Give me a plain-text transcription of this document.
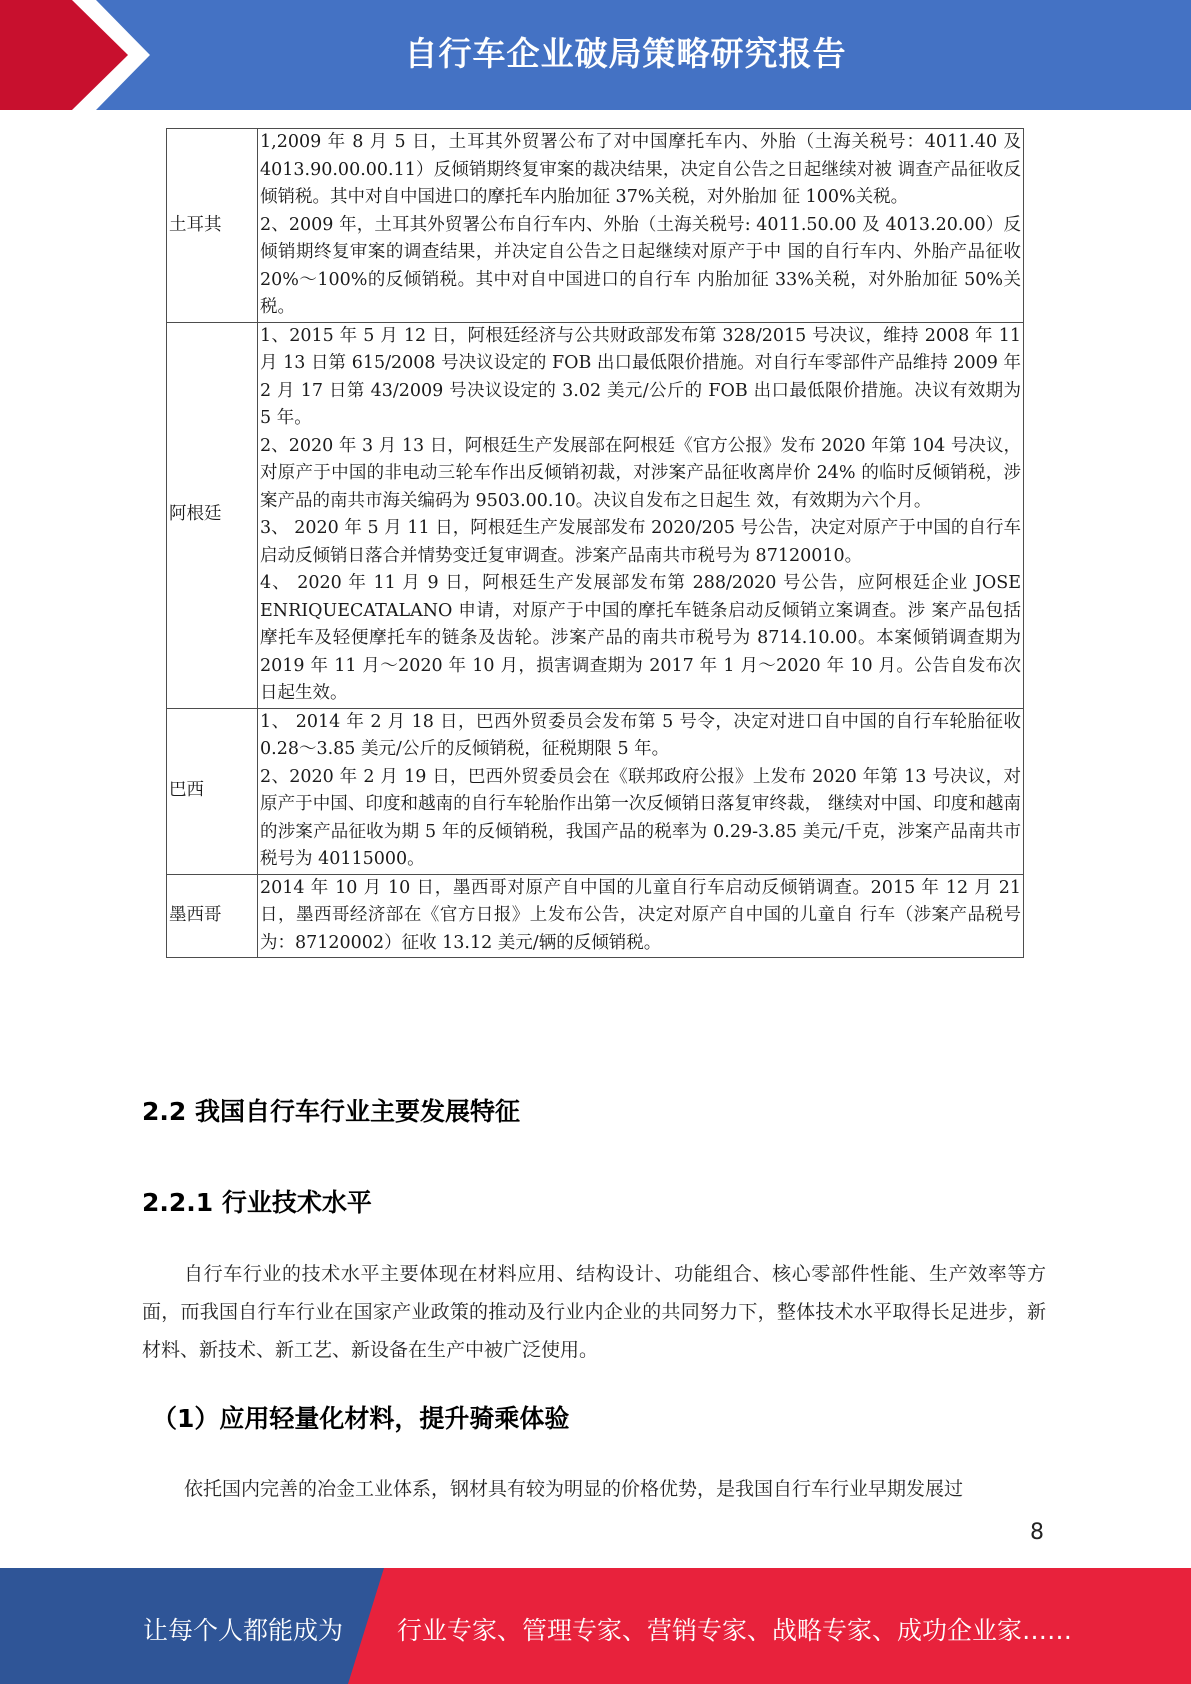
自行车企业破局策略研究报告
土耳其	1,2009 年 8 月 5 日，土耳其外贸署公布了对中国摩托车内、外胎（土海关税号：4011.40 及 4013.90.00.00.11）反倾销期终复审案的裁决结果，决定自公告之日起继续对被 调查产品征收反倾销税。其中对自中国进口的摩托车内胎加征 37%关税，对外胎加 征 100%关税。

2、2009 年，土耳其外贸署公布自行车内、外胎（土海关税号: 4011.50.00 及 4013.20.00）反倾销期终复审案的调查结果，并决定自公告之日起继续对原产于中 国的自行车内、外胎产品征收 20%～100%的反倾销税。其中对自中国进口的自行车 内胎加征 33%关税，对外胎加征 50%关税。

阿根廷	1、2015 年 5 月 12 日，阿根廷经济与公共财政部发布第 328/2015 号决议，维持 2008 年 11 月 13 日第 615/2008 号决议设定的 FOB 出口最低限价措施。对自行车零部件产品维持 2009 年 2 月 17 日第 43/2009 号决议设定的 3.02 美元/公斤的 FOB 出口最低限价措施。决议有效期为 5 年。

2、2020 年 3 月 13 日，阿根廷生产发展部在阿根廷《官方公报》发布 2020 年第 104 号决议，对原产于中国的非电动三轮车作出反倾销初裁，对涉案产品征收离岸价 24% 的临时反倾销税，涉案产品的南共市海关编码为 9503.00.10。决议自发布之日起生 效，有效期为六个月。

3、 2020 年 5 月 11 日，阿根廷生产发展部发布 2020/205 号公告，决定对原产于中国的自行车启动反倾销日落合并情势变迁复审调查。涉案产品南共市税号为 87120010。

4、 2020 年 11 月 9 日，阿根廷生产发展部发布第 288/2020 号公告，应阿根廷企业 JOSE ENRIQUECATALANO 申请，对原产于中国的摩托车链条启动反倾销立案调查。涉 案产品包括摩托车及轻便摩托车的链条及齿轮。涉案产品的南共市税号为 8714.10.00。本案倾销调查期为2019 年 11 月～2020 年 10 月，损害调查期为 2017 年 1 月～2020 年 10 月。公告自发布次日起生效。

巴西	1、 2014 年 2 月 18 日，巴西外贸委员会发布第 5 号令，决定对进口自中国的自行车轮胎征收 0.28～3.85 美元/公斤的反倾销税，征税期限 5 年。

2、2020 年 2 月 19 日，巴西外贸委员会在《联邦政府公报》上发布 2020 年第 13 号决议，对原产于中国、印度和越南的自行车轮胎作出第一次反倾销日落复审终裁， 继续对中国、印度和越南的涉案产品征收为期 5 年的反倾销税，我国产品的税率为 0.29-3.85 美元/千克，涉案产品南共市税号为 40115000。

墨西哥	2014 年 10 月 10 日，墨西哥对原产自中国的儿童自行车启动反倾销调查。2015 年 12 月 21 日，墨西哥经济部在《官方日报》上发布公告，决定对原产自中国的儿童自 行车（涉案产品税号为：87120002）征收 13.12 美元/辆的反倾销税。

2.2 我国自行车行业主要发展特征
2.2.1 行业技术水平

自行车行业的技术水平主要体现在材料应用、结构设计、功能组合、核心零部件性能、生产效率等方面，而我国自行车行业在国家产业政策的推动及行业内企业的共同努力下，整体技术水平取得长足进步，新材料、新技术、新工艺、新设备在生产中被广泛使用。

（1）应用轻量化材料，提升骑乘体验

依托国内完善的冶金工业体系，钢材具有较为明显的价格优势，是我国自行车行业早期发展过

8
让每个人都能成为 行业专家、管理专家、营销专家、战略专家、成功企业家……
